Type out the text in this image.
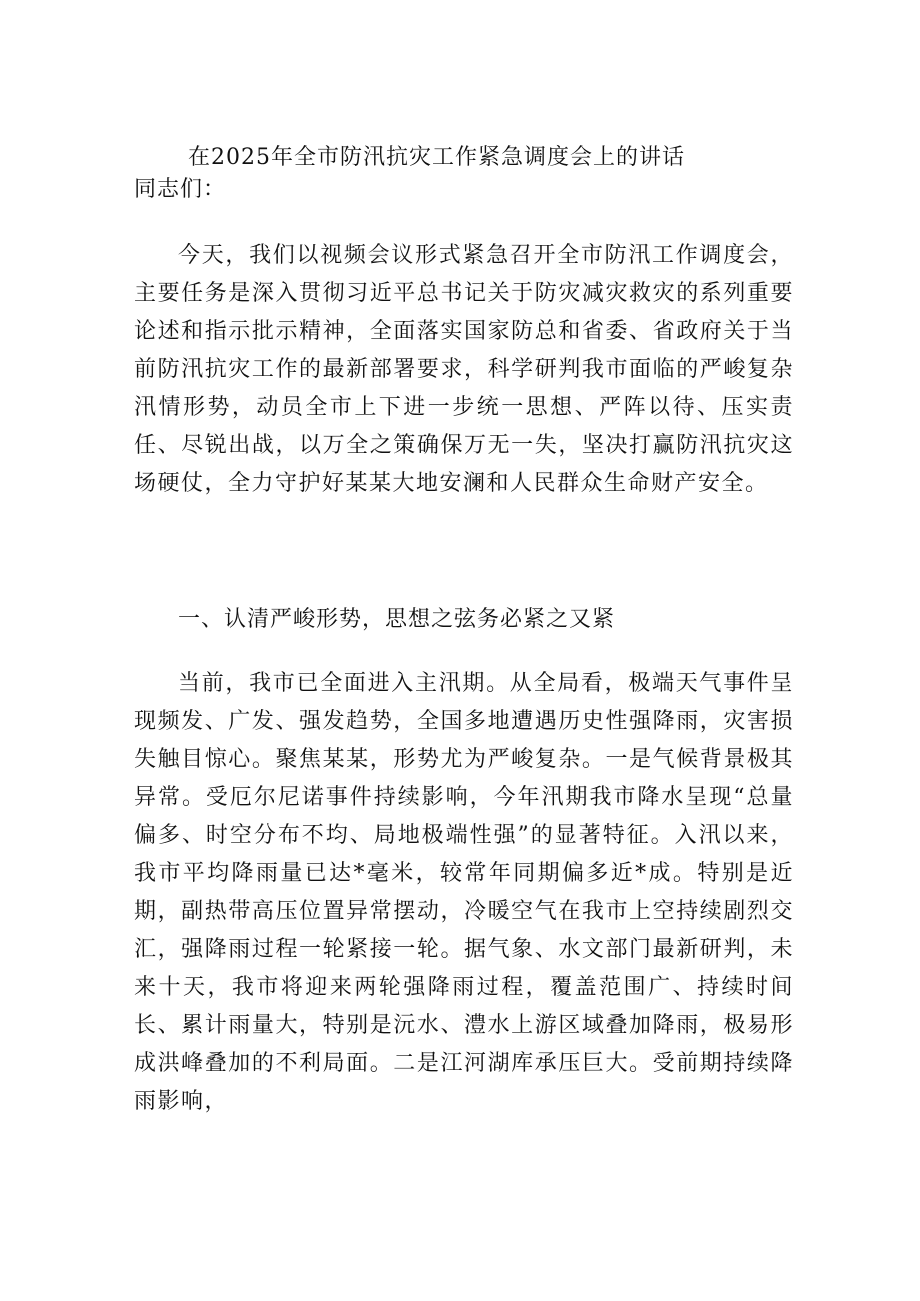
在2025年全市防汛抗灾工作紧急调度会上的讲话
同志们：

今天，我们以视频会议形式紧急召开全市防汛工作调度会，主要任务是深入贯彻习近平总书记关于防灾减灾救灾的系列重要论述和指示批示精神，全面落实国家防总和省委、省政府关于当前防汛抗灾工作的最新部署要求，科学研判我市面临的严峻复杂汛情形势，动员全市上下进一步统一思想、严阵以待、压实责任、尽锐出战，以万全之策确保万无一失，坚决打赢防汛抗灾这场硬仗，全力守护好某某大地安澜和人民群众生命财产安全。

一、认清严峻形势，思想之弦务必紧之又紧

当前，我市已全面进入主汛期。从全局看，极端天气事件呈现频发、广发、强发趋势，全国多地遭遇历史性强降雨，灾害损失触目惊心。聚焦某某，形势尤为严峻复杂。一是气候背景极其异常。受厄尔尼诺事件持续影响，今年汛期我市降水呈现“总量偏多、时空分布不均、局地极端性强”的显著特征。入汛以来，我市平均降雨量已达*毫米，较常年同期偏多近*成。特别是近期，副热带高压位置异常摆动，冷暖空气在我市上空持续剧烈交汇，强降雨过程一轮紧接一轮。据气象、水文部门最新研判，未来十天，我市将迎来两轮强降雨过程，覆盖范围广、持续时间长、累计雨量大，特别是沅水、澧水上游区域叠加降雨，极易形成洪峰叠加的不利局面。二是江河湖库承压巨大。受前期持续降雨影响，
